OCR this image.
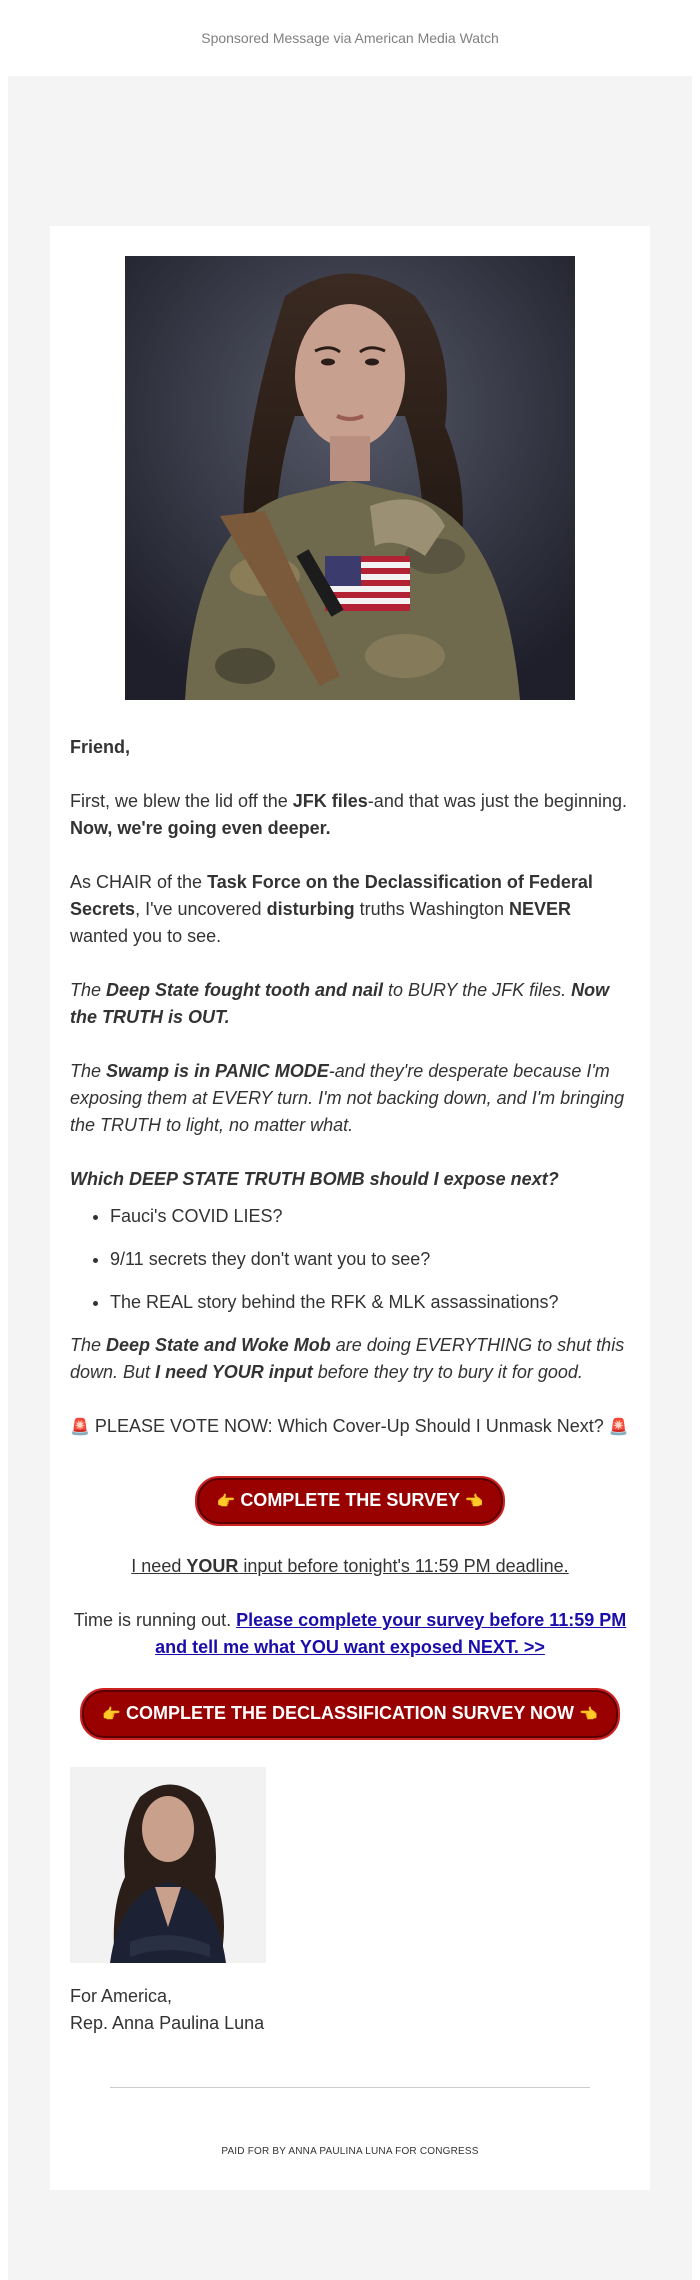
Sponsored Message via American Media Watch

Friend,

First, we blew the lid off the JFK files-and that was just the beginning. Now, we're going even deeper.

As CHAIR of the Task Force on the Declassification of Federal Secrets, I've uncovered disturbing truths Washington NEVER wanted you to see.

The Deep State fought tooth and nail to BURY the JFK files. Now the TRUTH is OUT.

The Swamp is in PANIC MODE-and they're desperate because I'm exposing them at EVERY turn. I'm not backing down, and I'm bringing the TRUTH to light, no matter what.

Which DEEP STATE TRUTH BOMB should I expose next?

• Fauci's COVID LIES?
• 9/11 secrets they don't want you to see?
• The REAL story behind the RFK & MLK assassinations?

The Deep State and Woke Mob are doing EVERYTHING to shut this down. But I need YOUR input before they try to bury it for good.

🚨 PLEASE VOTE NOW: Which Cover-Up Should I Unmask Next? 🚨

👉 COMPLETE THE SURVEY 👈

I need YOUR input before tonight's 11:59 PM deadline.

Time is running out. Please complete your survey before 11:59 PM and tell me what YOU want exposed NEXT. >>

👉 COMPLETE THE DECLASSIFICATION SURVEY NOW 👈

For America,
Rep. Anna Paulina Luna

PAID FOR BY ANNA PAULINA LUNA FOR CONGRESS
